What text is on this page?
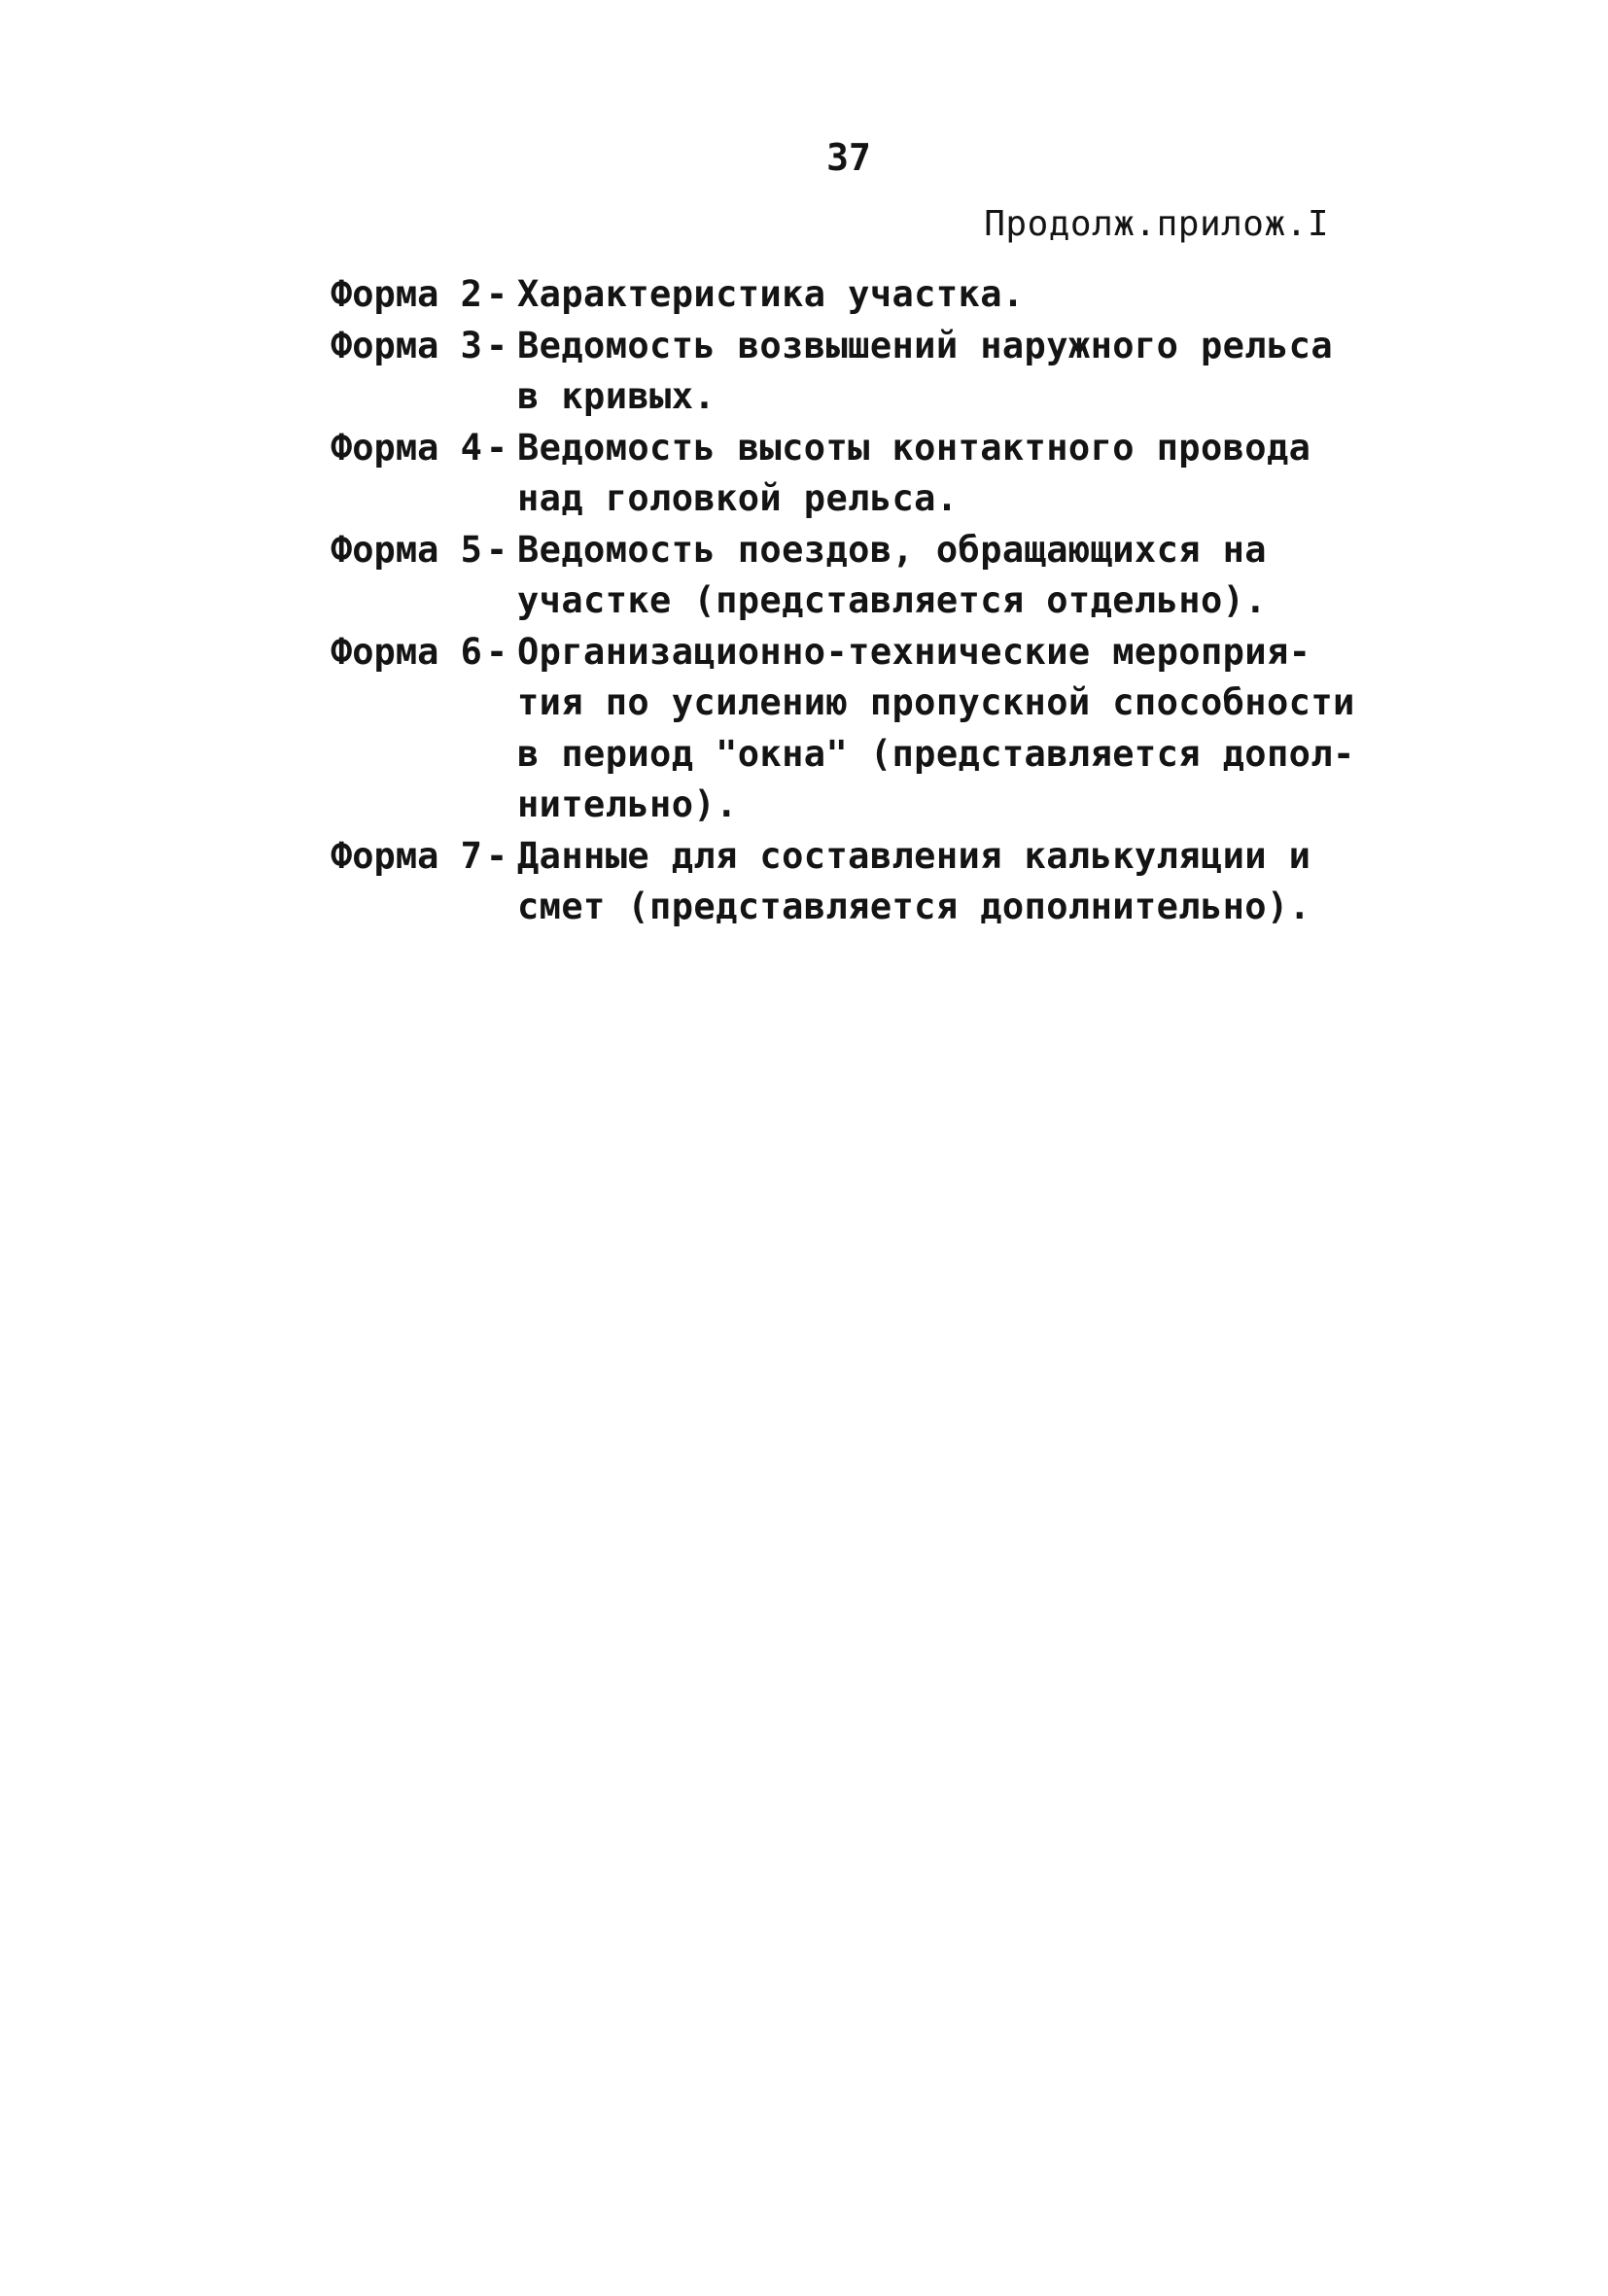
37
Продолж.прилож.I
Форма 2 - Характеристика участка.
Форма 3 - Ведомость возвышений наружного рельса
в кривых.
Форма 4 - Ведомость высоты контактного провода
над головкой рельса.
Форма 5 - Ведомость поездов, обращающихся на
участке (представляется отдельно).
Форма 6 - Организационно-технические мероприя-
тия по усилению пропускной способности
в период "окна" (представляется допол-
нительно).
Форма 7 - Данные для составления калькуляции и
смет (представляется дополнительно).
